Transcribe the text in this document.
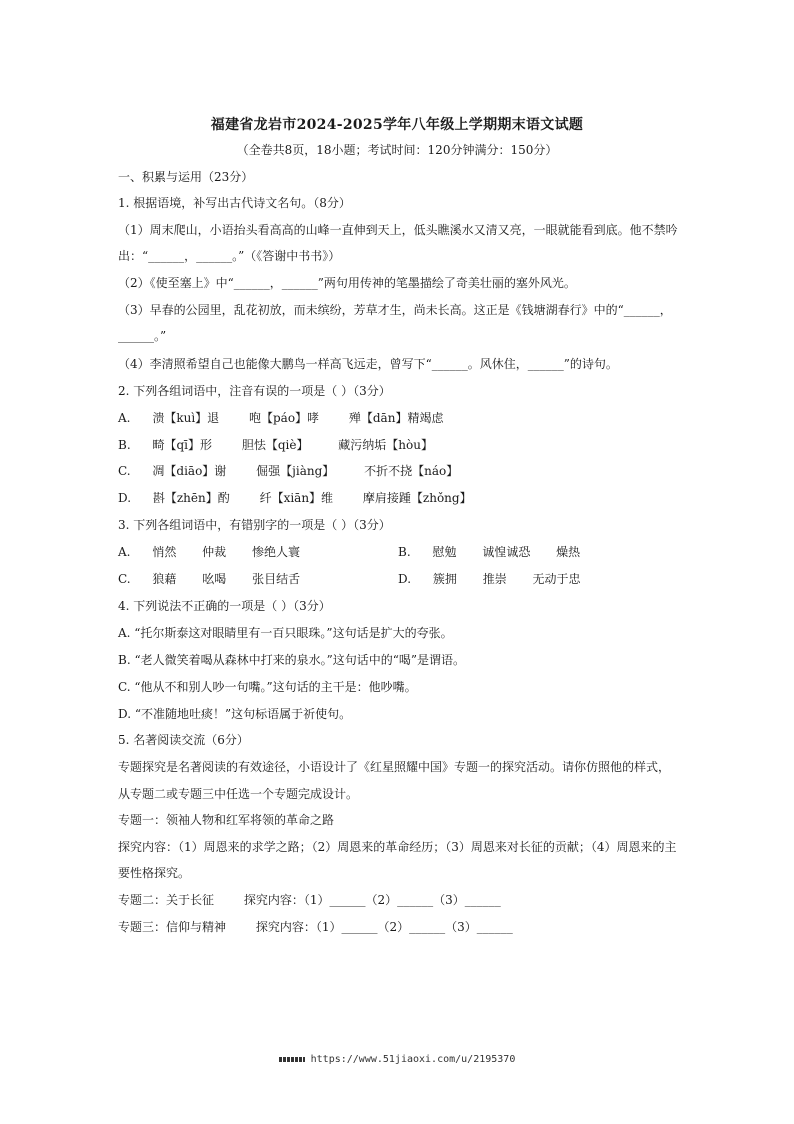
福建省龙岩市2024-2025学年八年级上学期期末语文试题
（全卷共8页，18小题；考试时间：120分钟满分：150分）
一、积累与运用（23分）
1. 根据语境，补写出古代诗文名句。（8分）
（1）周末爬山，小语抬头看高高的山峰一直伸到天上，低头瞧溪水又清又亮，一眼就能看到底。他不禁吟
出：“______，______。”（《答谢中书书》）
（2）《使至塞上》中“______，______”两句用传神的笔墨描绘了奇美壮丽的塞外风光。
（3）早春的公园里，乱花初放，而未缤纷，芳草才生，尚未长高。这正是《钱塘湖春行》中的“______，
______。”
（4）李清照希望自己也能像大鹏鸟一样高飞远走，曾写下“______。风休住，______”的诗句。
2. 下列各组词语中，注音有误的一项是（ ）（3分）
A. 溃【kuì】退 咆【páo】哮 殚【dān】精竭虑
B. 畸【qī】形 胆怯【qiè】 藏污纳垢【hòu】
C. 凋【diāo】谢 倔强【jiàng】 不折不挠【náo】
D. 斟【zhēn】酌 纤【xiān】维 摩肩接踵【zhǒng】
3. 下列各组词语中，有错别字的一项是（ ）（3分）
A. 悄然 仲裁 惨绝人寰	B. 慰勉 诚惶诚恐 燥热
C. 狼藉 吆喝 张目结舌	D. 簇拥 推崇 无动于忠
4. 下列说法不正确的一项是（ ）（3分）
A. “托尔斯泰这对眼睛里有一百只眼珠。”这句话是扩大的夸张。
B. “老人微笑着喝从森林中打来的泉水。”这句话中的“喝”是谓语。
C. “他从不和别人吵一句嘴。”这句话的主干是：他吵嘴。
D. “不准随地吐痰！”这句标语属于祈使句。
5. 名著阅读交流（6分）
专题探究是名著阅读的有效途径，小语设计了《红星照耀中国》专题一的探究活动。请你仿照他的样式，
从专题二或专题三中任选一个专题完成设计。
专题一：领袖人物和红军将领的革命之路
探究内容：（1）周恩来的求学之路；（2）周恩来的革命经历；（3）周恩来对长征的贡献；（4）周恩来的主
要性格探究。
专题二：关于长征 探究内容：（1）______（2）______（3）______
专题三：信仰与精神 探究内容：（1）______（2）______（3）______
https://www.51jiaoxi.com/u/2195370
